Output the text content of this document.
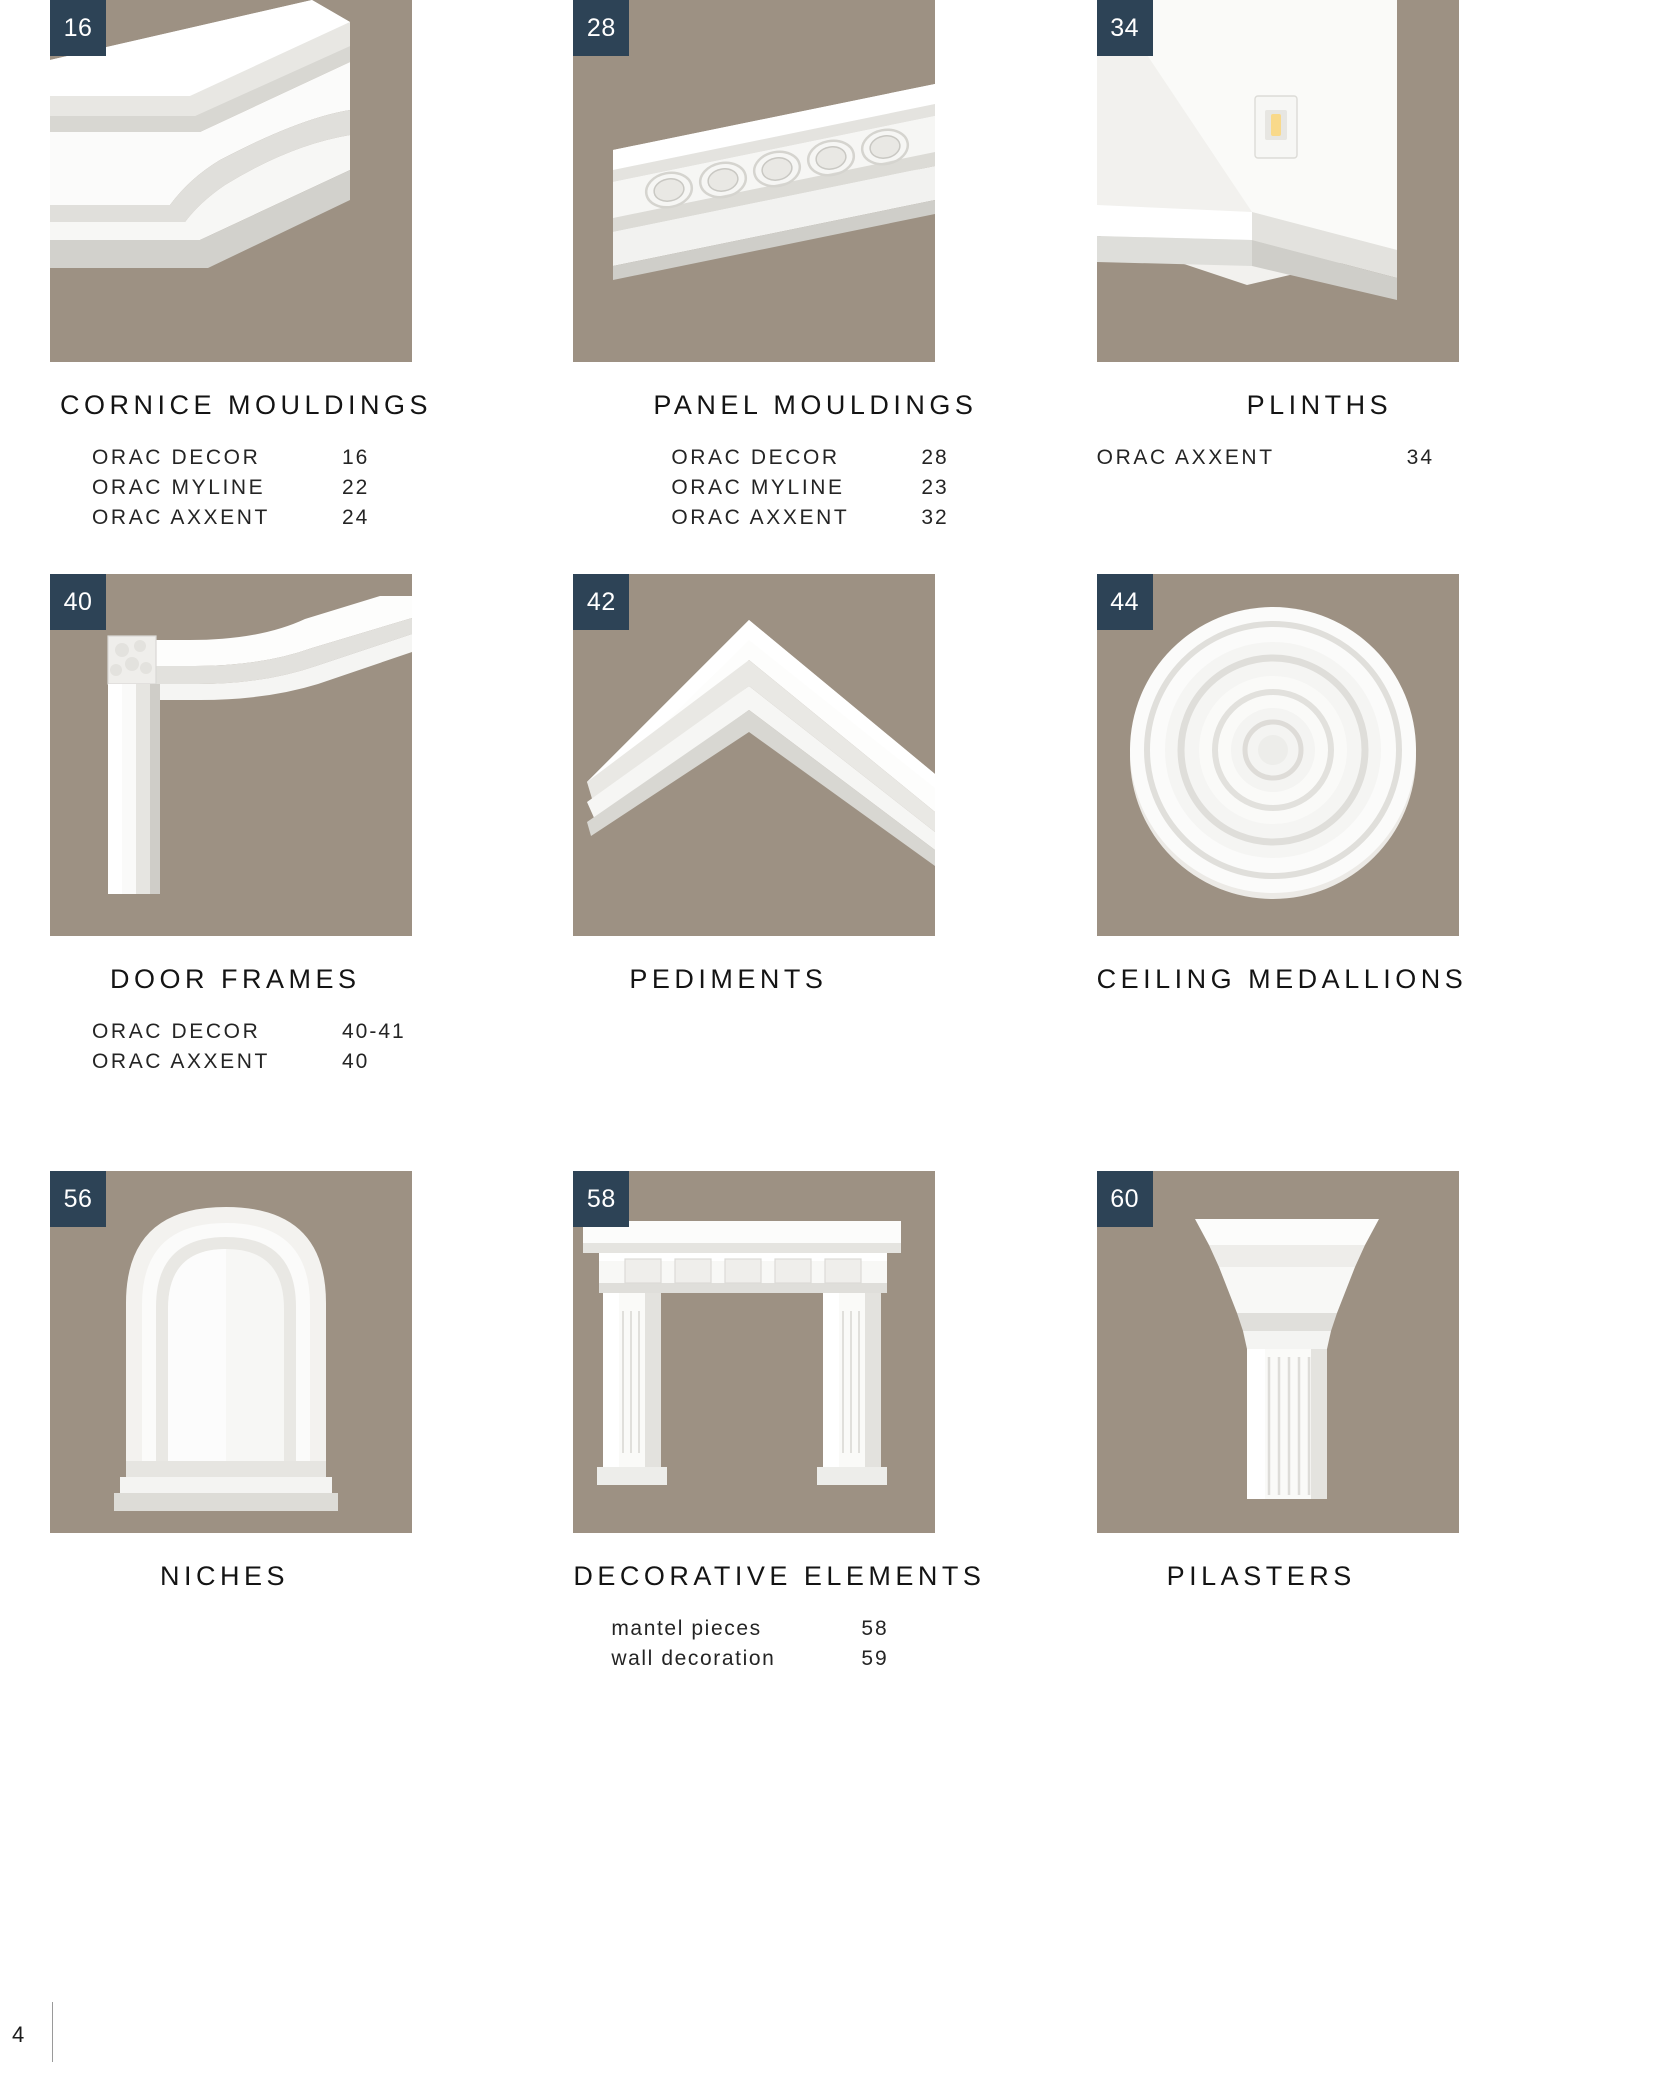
CORNICE MOULDINGS
ORAC DECOR	16
ORAC MYLINE	22
ORAC AXXENT	24
16
PANEL MOULDINGS
ORAC DECOR	28
ORAC MYLINE	23
ORAC AXXENT	32
28
PLINTHS
ORAC AXXENT	34
34
DOOR FRAMES
ORAC DECOR	40-41
ORAC AXXENT	40
40
PEDIMENTS
42
CEILING MEDALLIONS
44
NICHES
56
DECORATIVE ELEMENTS
mantel pieces	58
wall decoration	59
58
PILASTERS
60
4
